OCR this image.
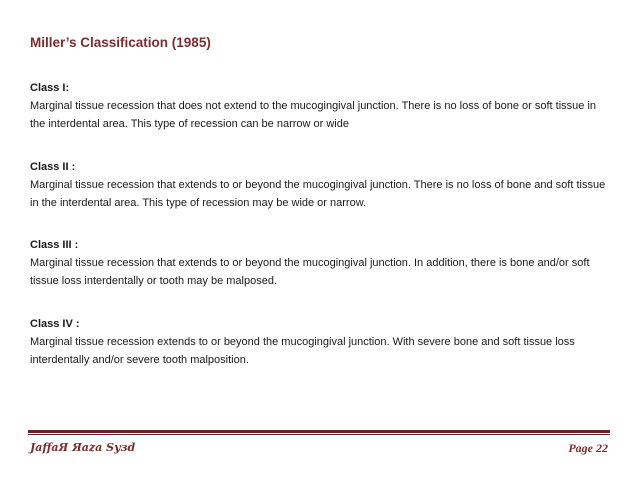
Miller’s Classification (1985)
Class I:
Marginal tissue recession that does not extend to the mucogingival junction. There is no loss of bone or soft tissue in the interdental area. This type of recession can be narrow or wide
Class II :
Marginal tissue recession that extends to or beyond the mucogingival junction. There is no loss of bone and soft tissue in the interdental area. This type of recession may be wide or narrow.
Class III :
Marginal tissue recession that extends to or beyond the mucogingival junction. In addition, there is bone and/or soft tissue loss interdentally or tooth may be malposed.
Class IV :
Marginal tissue recession extends to or beyond the mucogingival junction. With severe bone and soft tissue loss interdentally and/or severe tooth malposition.
JaffaЯ Яaza Syзd	Page 22
